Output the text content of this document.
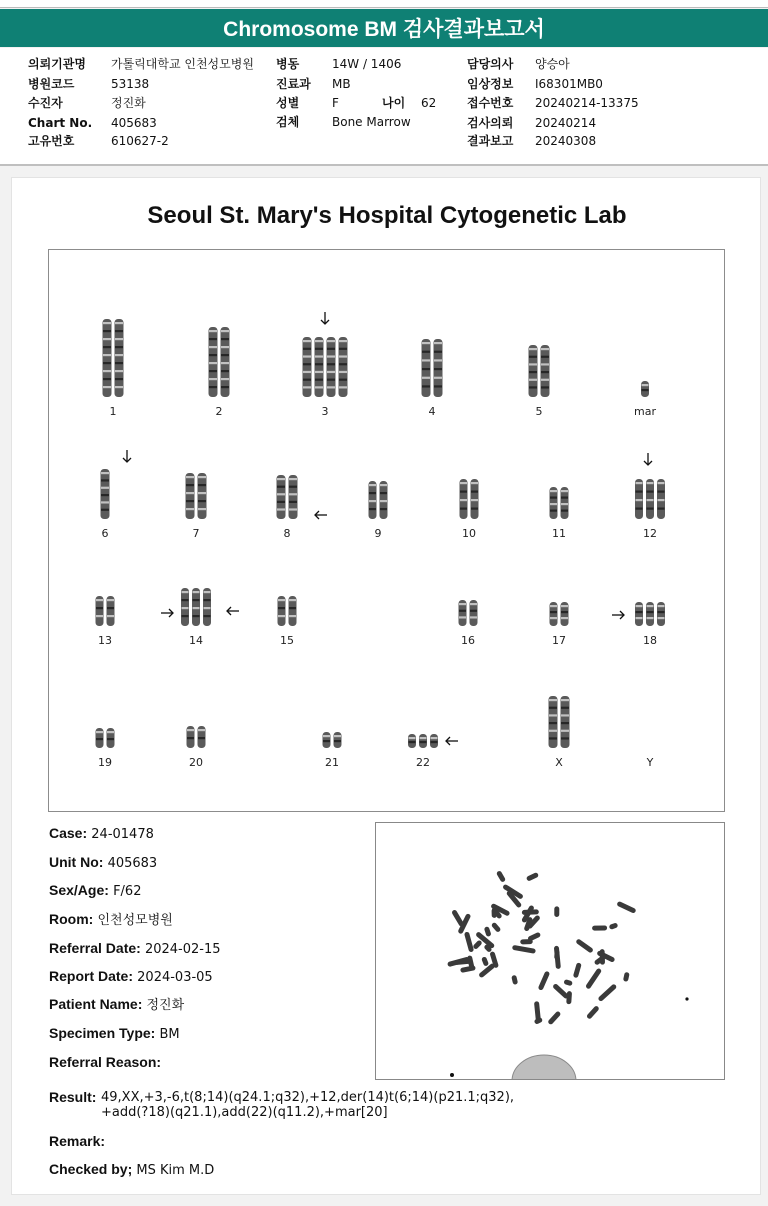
Chromosome BM 검사결과보고서
의뢰기관명 가톨릭대학교 인천성모병원
병원코드	53138
수진자	정진화
Chart No. 405683
고유번호	610627-2
병동	14W / 1406
진료과 MB
성별	F	나이 62
검체	Bone Marrow
담당의사 양승아
임상정보 I68301MB0
접수번호 20240214-13375
검사의뢰 20240214
결과보고 20240308
Seoul St. Mary's Hospital Cytogenetic Lab
1	2	3	4	5	mar
6	7	8	9	10	11	12
13	14	15	16	17	18
19	20	21	22	X	Y
Case: 24-01478
Unit No: 405683
Sex/Age: F/62
Room: 인천성모병원
Referral Date: 2024-02-15
Report Date: 2024-03-05
Patient Name: 정진화
Specimen Type: BM
Referral Reason:
Result: 49,XX,+3,-6,t(8;14)(q24.1;q32),+12,der(14)t(6;14)(p21.1;q32),
+add(?18)(q21.1),add(22)(q11.2),+mar[20]
Remark:
Checked by; MS Kim M.D
